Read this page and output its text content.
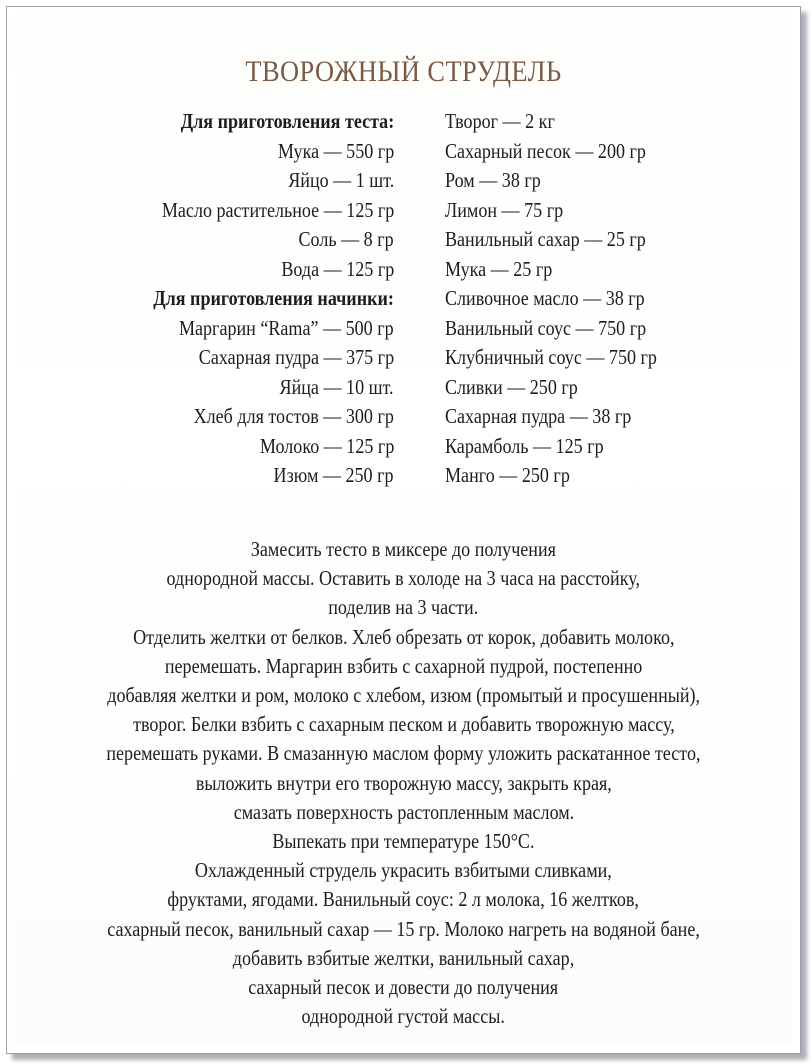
ТВОРОЖНЫЙ СТРУДЕЛЬ
Для приготовления теста:
Мука — 550 гр
Яйцо — 1 шт.
Масло растительное — 125 гр
Соль — 8 гр
Вода — 125 гр
Для приготовления начинки:
Маргарин “Rama” — 500 гр
Сахарная пудра — 375 гр
Яйца — 10 шт.
Хлеб для тостов — 300 гр
Молоко — 125 гр
Изюм — 250 гр
Творог — 2 кг
Сахарный песок — 200 гр
Ром — 38 гр
Лимон — 75 гр
Ванильный сахар — 25 гр
Мука — 25 гр
Сливочное масло — 38 гр
Ванильный соус — 750 гр
Клубничный соус — 750 гр
Сливки — 250 гр
Сахарная пудра — 38 гр
Карамболь — 125 гр
Манго — 250 гр
Замесить тесто в миксере до получения
однородной массы. Оставить в холоде на 3 часа на расстойку,
поделив на 3 части.
Отделить желтки от белков. Хлеб обрезать от корок, добавить молоко,
перемешать. Маргарин взбить с сахарной пудрой, постепенно
добавляя желтки и ром, молоко с хлебом, изюм (промытый и просушенный),
творог. Белки взбить с сахарным песком и добавить творожную массу,
перемешать руками. В смазанную маслом форму уложить раскатанное тесто,
выложить внутри его творожную массу, закрыть края,
смазать поверхность растопленным маслом.
Выпекать при температуре 150°С.
Охлажденный струдель украсить взбитыми сливками,
фруктами, ягодами. Ванильный соус: 2 л молока, 16 желтков,
сахарный песок, ванильный сахар — 15 гр. Молоко нагреть на водяной бане,
добавить взбитые желтки, ванильный сахар,
сахарный песок и довести до получения
однородной густой массы.
